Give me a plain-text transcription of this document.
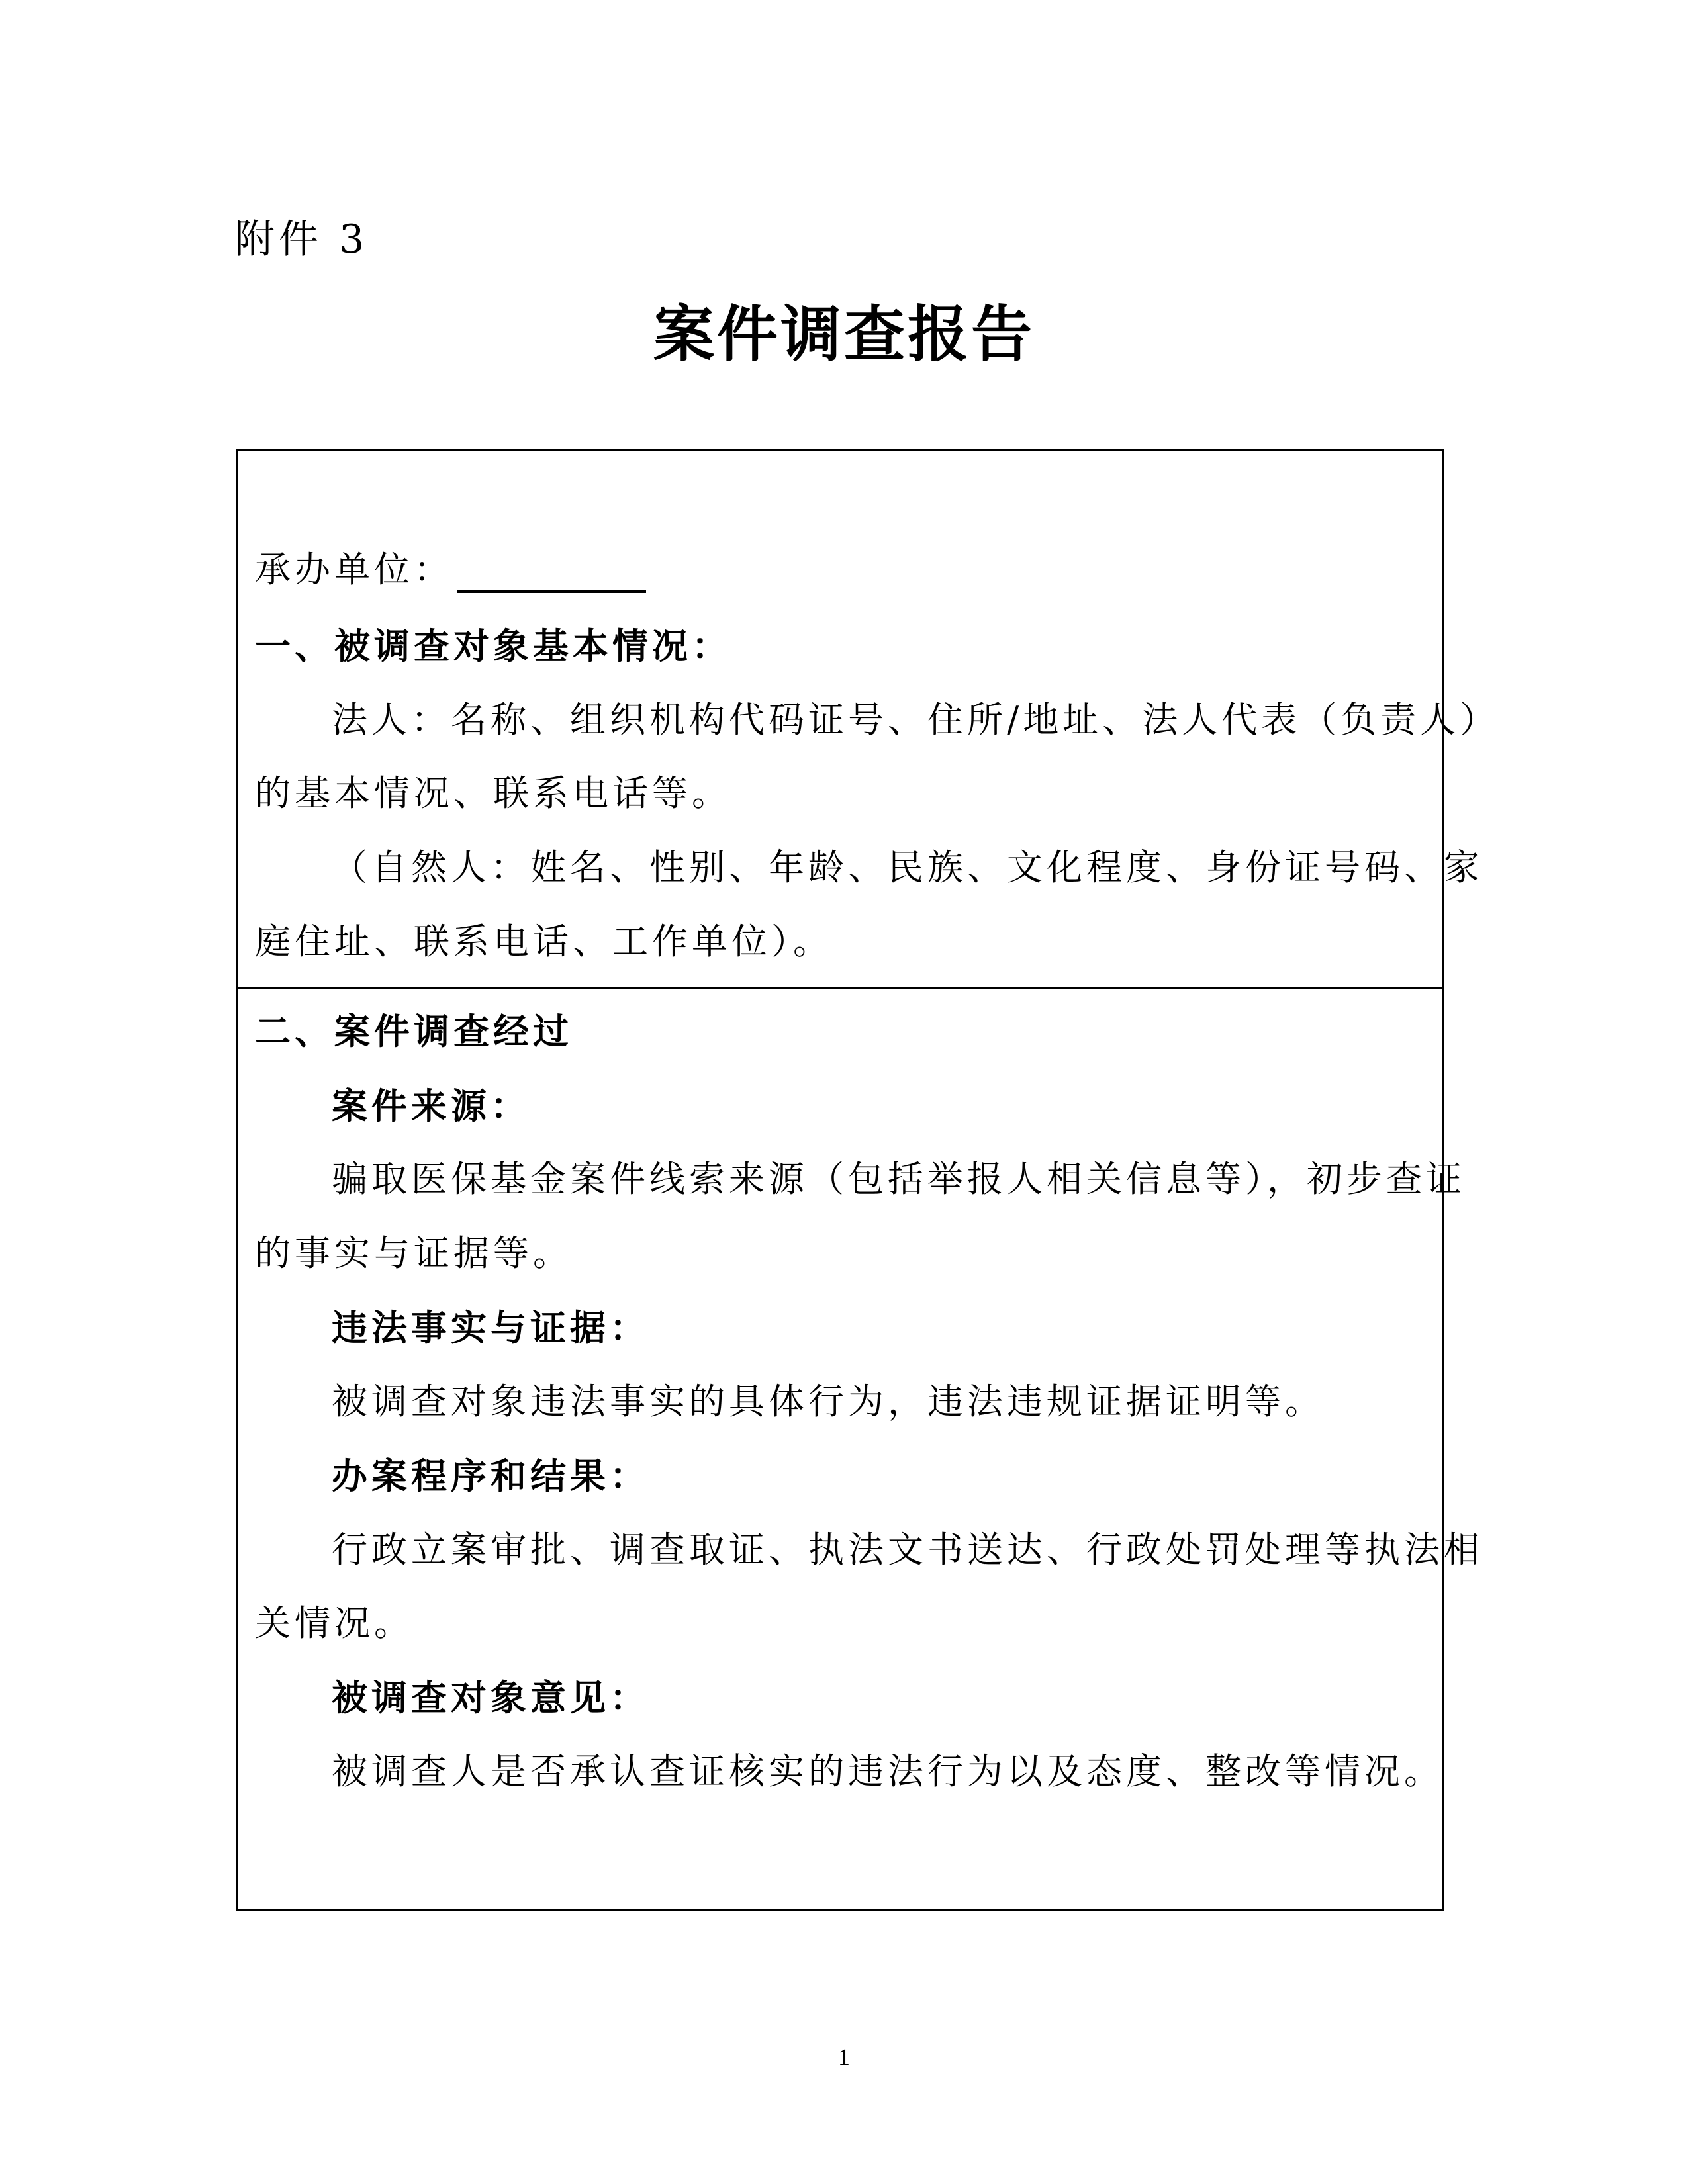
附件 3
案件调查报告
承办单位：
一、被调查对象基本情况：
法人：名称、组织机构代码证号、住所/地址、法人代表（负责人）
的基本情况、联系电话等。
（自然人：姓名、性别、年龄、民族、文化程度、身份证号码、家
庭住址、联系电话、工作单位）。
二、案件调查经过
案件来源：
骗取医保基金案件线索来源（包括举报人相关信息等），初步查证
的事实与证据等。
违法事实与证据：
被调查对象违法事实的具体行为，违法违规证据证明等。
办案程序和结果：
行政立案审批、调查取证、执法文书送达、行政处罚处理等执法相
关情况。
被调查对象意见：
被调查人是否承认查证核实的违法行为以及态度、整改等情况。
1
